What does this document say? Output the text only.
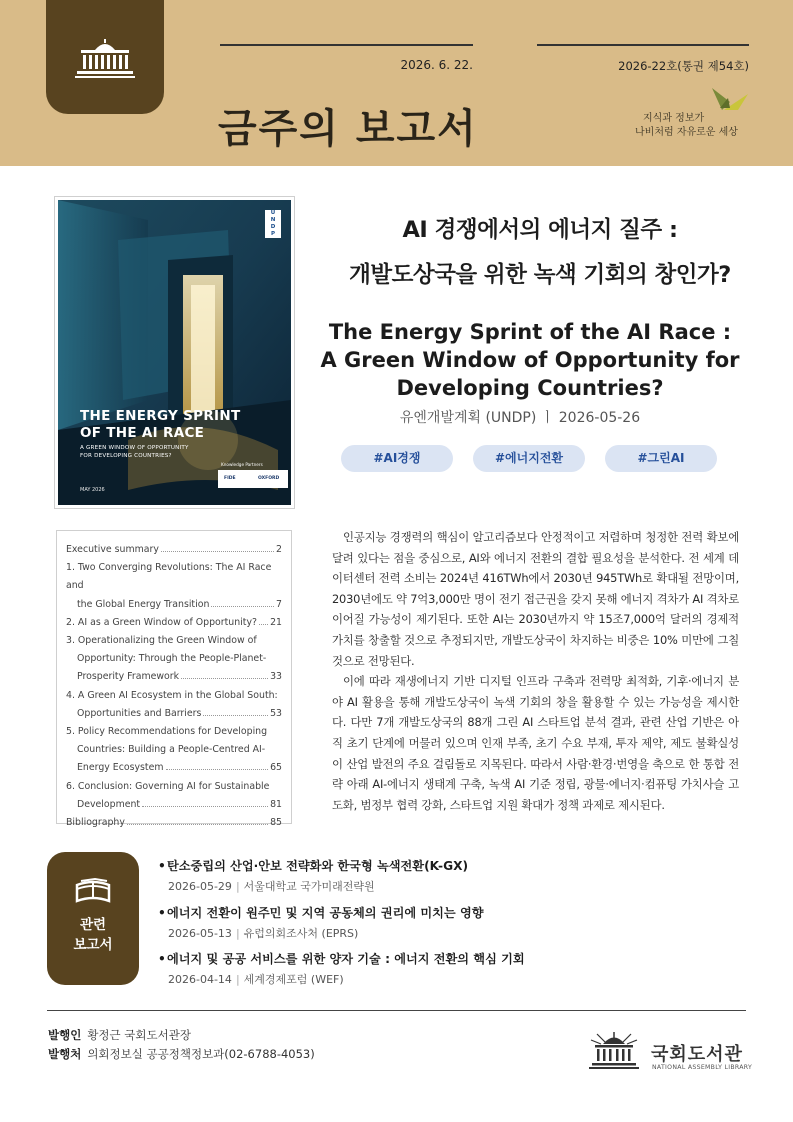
2026. 6. 22.	2026-22호(통권 제54호)
금주의 보고서	지식과 정보가
나비처럼 자유로운 세상
U
N
D
P
THE ENERGY SPRINT
OF THE AI RACE
A GREEN WINDOW OF OPPORTUNITY
FOR DEVELOPING COUNTRIES?
Knowledge Partners
FIDE	OXFORD
MAY 2026
AI 경쟁에서의 에너지 질주 :
개발도상국을 위한 녹색 기회의 창인가?
The Energy Sprint of the AI Race :
A Green Window of Opportunity for
Developing Countries?
유엔개발계획 (UNDP) ㅣ 2026-05-26
#AI경쟁	#에너지전환	#그린AI
Executive summary	2
1. Two Converging Revolutions: The AI Race and
the Global Energy Transition	7
2. AI as a Green Window of Opportunity? 21
3. Operationalizing the Green Window of
Opportunity: Through the People-Planet-
Prosperity Framework	33
4. A Green AI Ecosystem in the Global South:
Opportunities and Barriers	53
5. Policy Recommendations for Developing
Countries: Building a People-Centred AI-
Energy Ecosystem	65
6. Conclusion: Governing AI for Sustainable
Development	81
Bibliography	85

인공지능 경쟁력의 핵심이 알고리즘보다 안정적이고 저렴하며 청정한 전력 확보에 달려 있다는 점을 중심으로, AI와 에너지 전환의 결합 필요성을 분석한다. 전 세계 데이터센터 전력 소비는 2024년 416TWh에서 2030년 945TWh로 확대될 전망이며, 2030년에도 약 7억3,000만 명이 전기 접근권을 갖지 못해 에너지 격차가 AI 격차로 이어질 가능성이 제기된다. 또한 AI는 2030년까지 약 15조7,000억 달러의 경제적 가치를 창출할 것으로 추정되지만, 개발도상국이 차지하는 비중은 10% 미만에 그칠 것으로 전망된다.

이에 따라 재생에너지 기반 디지털 인프라 구축과 전력망 최적화, 기후·에너지 분야 AI 활용을 통해 개발도상국이 녹색 기회의 창을 활용할 수 있는 가능성을 제시한다. 다만 7개 개발도상국의 88개 그린 AI 스타트업 분석 결과, 관련 산업 기반은 아직 초기 단계에 머물러 있으며 인재 부족, 초기 수요 부재, 투자 제약, 제도 불확실성이 산업 발전의 주요 걸림돌로 지목된다. 따라서 사람·환경·번영을 축으로 한 통합 전략 아래 AI-에너지 생태계 구축, 녹색 AI 기준 정립, 광물·에너지·컴퓨팅 가치사슬 고도화, 범정부 협력 강화, 스타트업 지원 확대가 정책 과제로 제시된다.

관련
보고서
•탄소중립의 산업·안보 전략화와 한국형 녹색전환(K-GX)
2026-05-29 | 서울대학교 국가미래전략원
•에너지 전환이 원주민 및 지역 공동체의 권리에 미치는 영향
2026-05-13 | 유럽의회조사처 (EPRS)
•에너지 및 공공 서비스를 위한 양자 기술 : 에너지 전환의 핵심 기회
2026-04-14 | 세계경제포럼 (WEF)
발행인 황정근 국회도서관장
발행처 의회정보실 공공정책정보과(02-6788-4053)	국회도서관
NATIONAL ASSEMBLY LIBRARY
